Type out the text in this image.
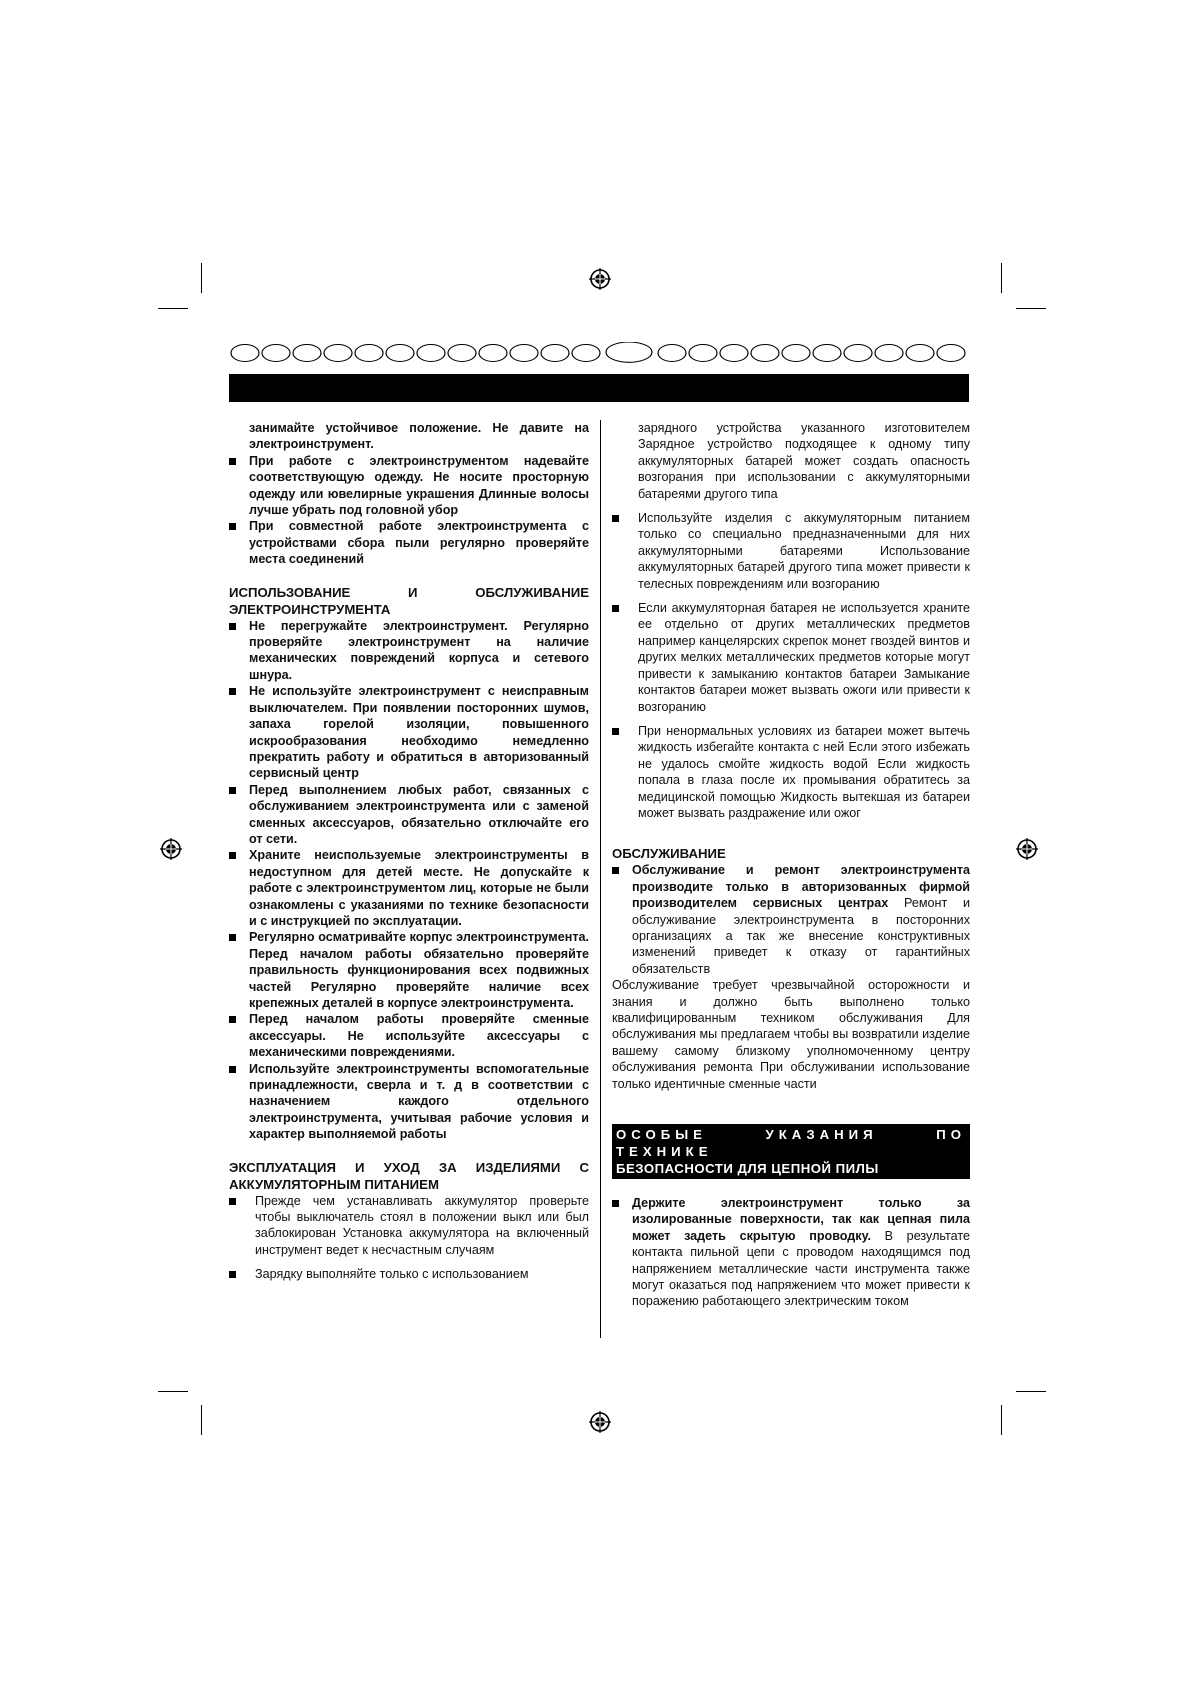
занимайте устойчивое положение. Не давите на электроинструмент.

При работе с электроинструментом надевайте соответствующую одежду. Не носите просторную одежду или ювелирные украшения Длинные волосы лучше убрать под головной убор
При совместной работе электроинструмента с устройствами сбора пыли регулярно проверяйте места соединений

ИСПОЛЬЗОВАНИЕ И ОБСЛУЖИВАНИЕ ЭЛЕКТРОИНСТРУМЕНТА

Не перегружайте электроинструмент. Регулярно проверяйте электроинструмент на наличие механических повреждений корпуса и сетевого шнура.
Не используйте электроинструмент с неисправным выключателем. При появлении посторонних шумов, запаха горелой изоляции, повышенного искрообразования необходимо немедленно прекратить работу и обратиться в авторизованный сервисный центр
Перед выполнением любых работ, связанных с обслуживанием электроинструмента или с заменой сменных аксессуаров, обязательно отключайте его от сети.
Храните неиспользуемые электроинструменты в недоступном для детей месте. Не допускайте к работе с электроинструментом лиц, которые не были ознакомлены с указаниями по технике безопасности и с инструкцией по эксплуатации.
Регулярно осматривайте корпус электроинструмента. Перед началом работы обязательно проверяйте правильность функционирования всех подвижных частей Регулярно проверяйте наличие всех крепежных деталей в корпусе электроинструмента.
Перед началом работы проверяйте сменные аксессуары. Не используйте аксессуары с механическими повреждениями.
Используйте электроинструменты вспомогательные принадлежности, сверла и т. д в соответствии с назначением каждого отдельного электроинструмента, учитывая рабочие условия и характер выполняемой работы

ЭКСПЛУАТАЦИЯ И УХОД ЗА ИЗДЕЛИЯМИ С АККУМУЛЯТОРНЫМ ПИТАНИЕМ

Прежде чем устанавливать аккумулятор проверьте чтобы выключатель стоял в положении выкл или был заблокирован Установка аккумулятора на включенный инструмент ведет к несчастным случаям
Зарядку выполняйте только с использованием

зарядного устройства указанного изготовителем Зарядное устройство подходящее к одному типу аккумуляторных батарей может создать опасность возгорания при использовании с аккумуляторными батареями другого типа

Используйте изделия с аккумуляторным питанием только со специально предназначенными для них аккумуляторными батареями Использование аккумуляторных батарей другого типа может привести к телесных повреждениям или возгоранию
Если аккумуляторная батарея не используется храните ее отдельно от других металлических предметов например канцелярских скрепок монет гвоздей винтов и других мелких металлических предметов которые могут привести к замыканию контактов батареи Замыкание контактов батареи может вызвать ожоги или привести к возгоранию
При ненормальных условиях из батареи может вытечь жидкость избегайте контакта с ней Если этого избежать не удалось смойте жидкость водой Если жидкость попала в глаза после их промывания обратитесь за медицинской помощью Жидкость вытекшая из батареи может вызвать раздражение или ожог

ОБСЛУЖИВАНИЕ

Обслуживание и ремонт электроинструмента производите только в авторизованных фирмой производителем сервисных центрах Ремонт и обслуживание электроинструмента в посторонних организациях а так же внесение конструктивных изменений приведет к отказу от гарантийных обязательств

Обслуживание требует чрезвычайной осторожности и знания и должно быть выполнено только квалифицированным техником обслуживания Для обслуживания мы предлагаем чтобы вы возвратили изделие вашему самому близкому уполномоченному центру обслуживания ремонта При обслуживании использование только идентичные сменные части

ОСОБЫЕ УКАЗАНИЯ ПО ТЕХНИКЕ
БЕЗОПАСНОСТИ ДЛЯ ЦЕПНОЙ ПИЛЫ
Держите электроинструмент только за изолированные поверхности, так как цепная пила может задеть скрытую проводку. В результате контакта пильной цепи с проводом находящимся под напряжением металлические части инструмента также могут оказаться под напряжением что может привести к поражению работающего электрическим током
